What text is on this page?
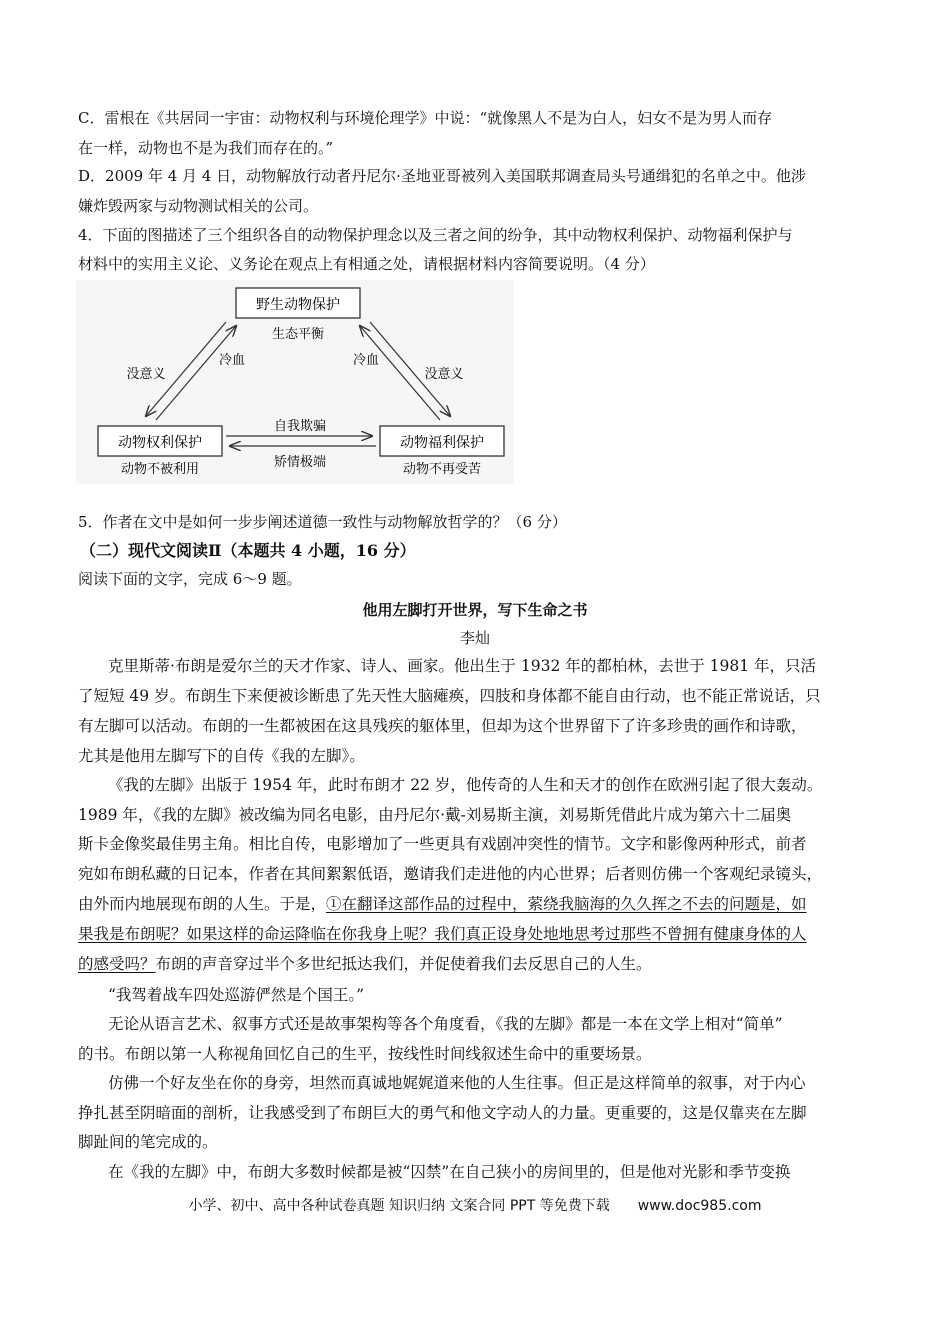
C．雷根在《共居同一宇宙：动物权利与环境伦理学》中说：“就像黑人不是为白人，妇女不是为男人而存
在一样，动物也不是为我们而存在的。”
D．2009 年 4 月 4 日，动物解放行动者丹尼尔·圣地亚哥被列入美国联邦调查局头号通缉犯的名单之中。他涉
嫌炸毁两家与动物测试相关的公司。
4．下面的图描述了三个组织各自的动物保护理念以及三者之间的纷争，其中动物权利保护、动物福利保护与
材料中的实用主义论、义务论在观点上有相通之处，请根据材料内容简要说明。（4 分）
野生动物保护
生态平衡
动物权利保护
动物不被利用
动物福利保护
动物不再受苦
没意义
冷血	冷血
没意义
自我欺骗
矫情极端
5．作者在文中是如何一步步阐述道德一致性与动物解放哲学的？（6 分）
（二）现代文阅读Ⅱ（本题共 4 小题，16 分）
阅读下面的文字，完成 6～9 题。
他用左脚打开世界，写下生命之书
李灿
克里斯蒂·布朗是爱尔兰的天才作家、诗人、画家。他出生于 1932 年的都柏林，去世于 1981 年，只活
了短短 49 岁。布朗生下来便被诊断患了先天性大脑瘫痪，四肢和身体都不能自由行动，也不能正常说话，只
有左脚可以活动。布朗的一生都被困在这具残疾的躯体里，但却为这个世界留下了许多珍贵的画作和诗歌，
尤其是他用左脚写下的自传《我的左脚》。
《我的左脚》出版于 1954 年，此时布朗才 22 岁，他传奇的人生和天才的创作在欧洲引起了很大轰动。
1989 年，《我的左脚》被改编为同名电影，由丹尼尔·戴-刘易斯主演，刘易斯凭借此片成为第六十二届奥
斯卡金像奖最佳男主角。相比自传，电影增加了一些更具有戏剧冲突性的情节。文字和影像两种形式，前者
宛如布朗私藏的日记本，作者在其间絮絮低语，邀请我们走进他的内心世界；后者则仿佛一个客观纪录镜头，
由外而内地展现布朗的人生。于是，①在翻译这部作品的过程中，萦绕我脑海的久久挥之不去的问题是，如
果我是布朗呢？如果这样的命运降临在你我身上呢？我们真正设身处地地思考过那些不曾拥有健康身体的人
的感受吗？布朗的声音穿过半个多世纪抵达我们，并促使着我们去反思自己的人生。
“我驾着战车四处巡游俨然是个国王。”
无论从语言艺术、叙事方式还是故事架构等各个角度看，《我的左脚》都是一本在文学上相对“简单”
的书。布朗以第一人称视角回忆自己的生平，按线性时间线叙述生命中的重要场景。
仿佛一个好友坐在你的身旁，坦然而真诚地娓娓道来他的人生往事。但正是这样简单的叙事，对于内心
挣扎甚至阴暗面的剖析，让我感受到了布朗巨大的勇气和他文字动人的力量。更重要的，这是仅靠夹在左脚
脚趾间的笔完成的。
在《我的左脚》中，布朗大多数时候都是被“囚禁”在自己狭小的房间里的，但是他对光影和季节变换
小学、初中、高中各种试卷真题 知识归纳 文案合同 PPT 等免费下载　　www.doc985.com
